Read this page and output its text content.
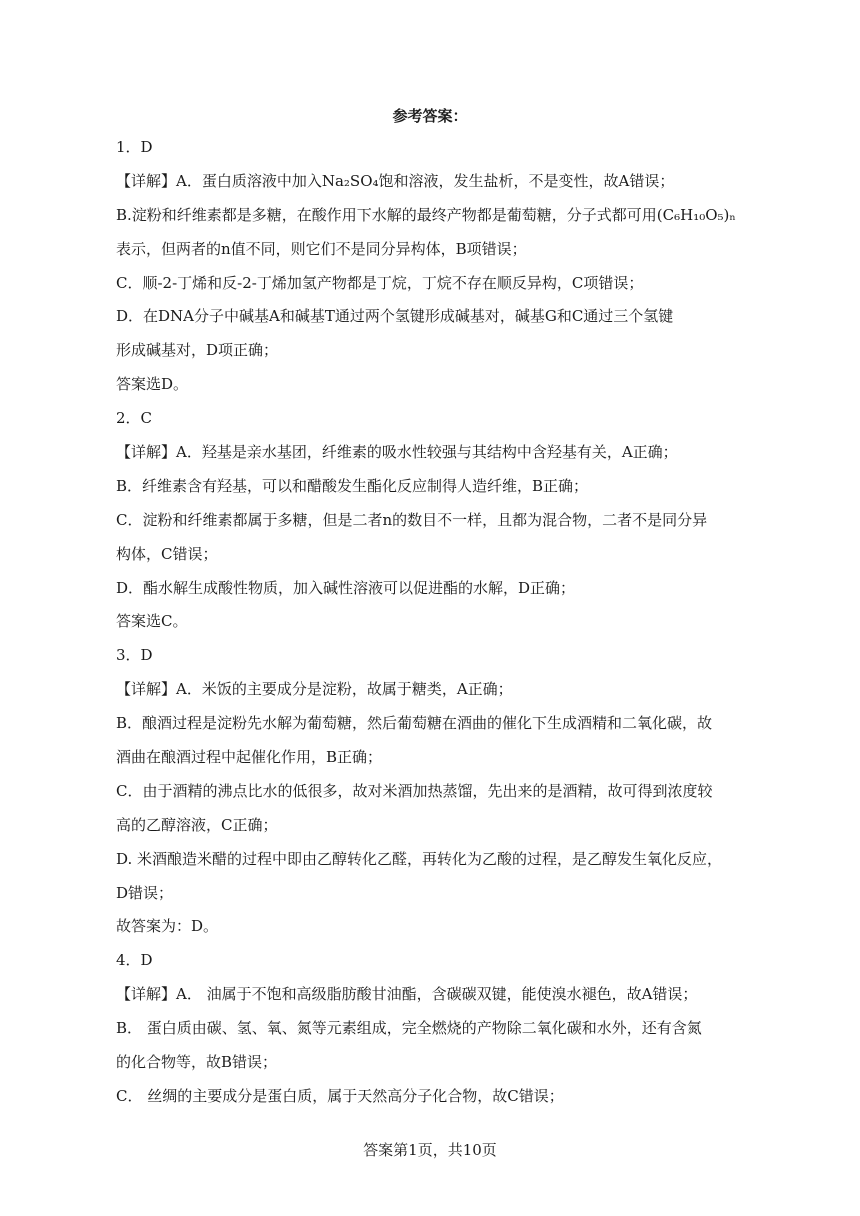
参考答案：
1．D
【详解】A．蛋白质溶液中加入Na₂SO₄饱和溶液，发生盐析，不是变性，故A错误；
B.淀粉和纤维素都是多糖，在酸作用下水解的最终产物都是葡萄糖，分子式都可用(C₆H₁₀O₅)ₙ
表示，但两者的n值不同，则它们不是同分异构体，B项错误；
C．顺-2-丁烯和反-2-丁烯加氢产物都是丁烷，丁烷不存在顺反异构，C项错误；
D．在DNA分子中碱基A和碱基T通过两个氢键形成碱基对，碱基G和C通过三个氢键
形成碱基对，D项正确；
答案选D。
2．C
【详解】A．羟基是亲水基团，纤维素的吸水性较强与其结构中含羟基有关，A正确；
B．纤维素含有羟基，可以和醋酸发生酯化反应制得人造纤维，B正确；
C．淀粉和纤维素都属于多糖，但是二者n的数目不一样，且都为混合物，二者不是同分异
构体，C错误；
D．酯水解生成酸性物质，加入碱性溶液可以促进酯的水解，D正确；
答案选C。
3．D
【详解】A．米饭的主要成分是淀粉，故属于糖类，A正确；
B．酿酒过程是淀粉先水解为葡萄糖，然后葡萄糖在酒曲的催化下生成酒精和二氧化碳，故
酒曲在酿酒过程中起催化作用，B正确；
C．由于酒精的沸点比水的低很多，故对米酒加热蒸馏，先出来的是酒精，故可得到浓度较
高的乙醇溶液，C正确；
D. 米酒酿造米醋的过程中即由乙醇转化乙醛，再转化为乙酸的过程，是乙醇发生氧化反应，
D错误；
故答案为：D。
4．D
【详解】A． 油属于不饱和高级脂肪酸甘油酯，含碳碳双键，能使溴水褪色，故A错误；
B． 蛋白质由碳、氢、氧、氮等元素组成，完全燃烧的产物除二氧化碳和水外，还有含氮
的化合物等，故B错误；
C． 丝绸的主要成分是蛋白质，属于天然高分子化合物，故C错误；
答案第1页，共10页
